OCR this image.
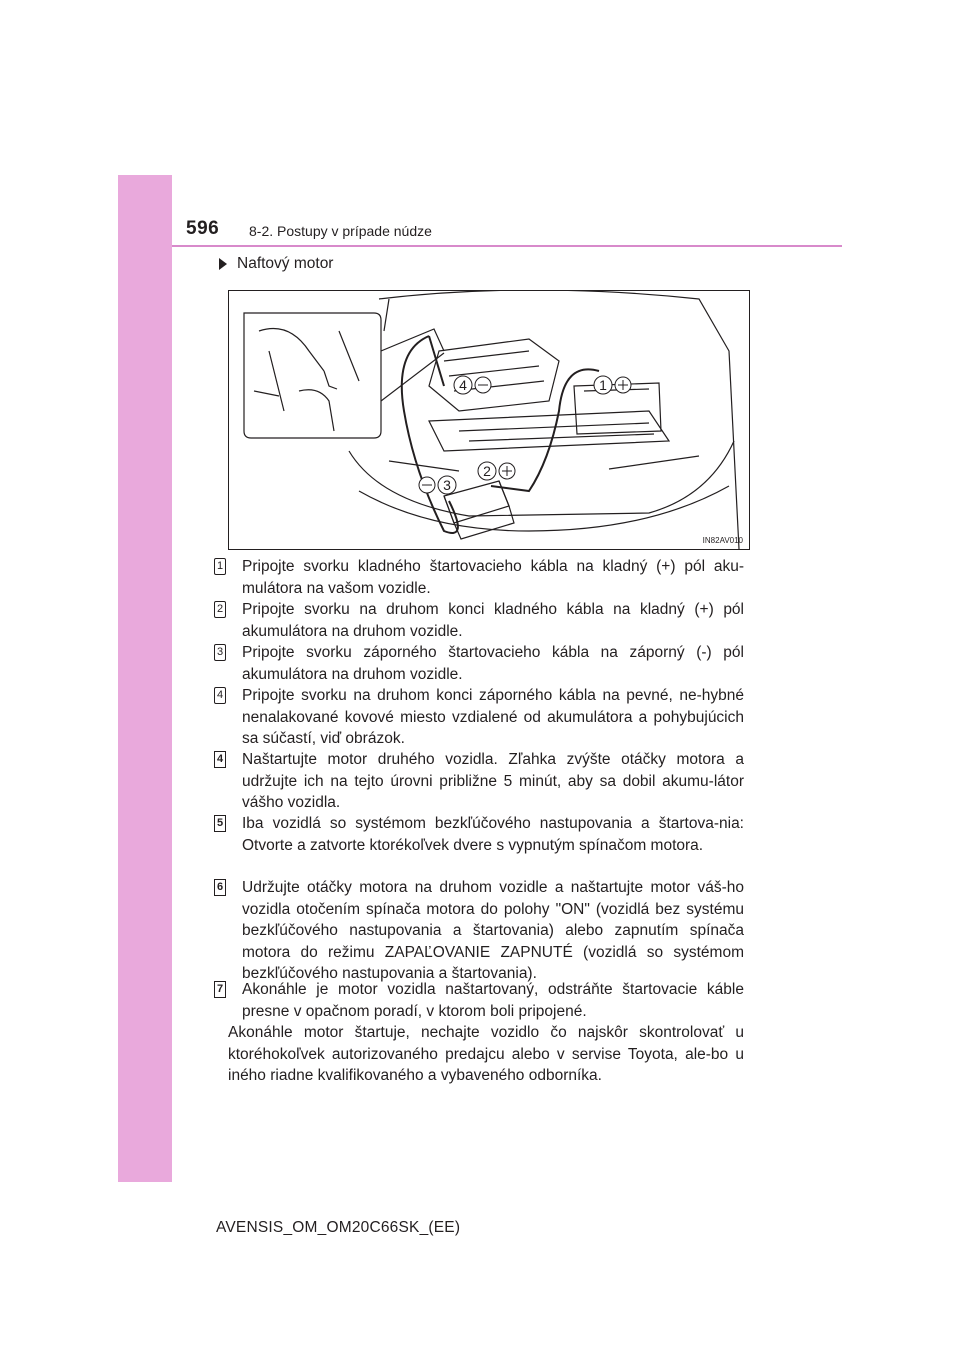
596 8-2. Postupy v prípade núdze
Naftový motor
4	1
2
3
IN82AV010
1 Pripojte svorku kladného štartovacieho kábla na kladný (+) pól aku-mulátora na vašom vozidle.
2 Pripojte svorku na druhom konci kladného kábla na kladný (+) pól akumulátora na druhom vozidle.
3 Pripojte svorku záporného štartovacieho kábla na záporný (-) pól akumulátora na druhom vozidle.
4 Pripojte svorku na druhom konci záporného kábla na pevné, ne-hybné nenalakované kovové miesto vzdialené od akumulátora a pohybujúcich sa súčastí, viď obrázok.
4 Naštartujte motor druhého vozidla. Zľahka zvýšte otáčky motora a udržujte ich na tejto úrovni približne 5 minút, aby sa dobil akumu-látor vášho vozidla.
5 Iba vozidlá so systémom bezkľúčového nastupovania a štartova-nia: Otvorte a zatvorte ktorékoľvek dvere s vypnutým spínačom motora.
6 Udržujte otáčky motora na druhom vozidle a naštartujte motor váš-ho vozidla otočením spínača motora do polohy "ON" (vozidlá bez systému bezkľúčového nastupovania a štartovania) alebo zapnutím spínača motora do režimu ZAPAĽOVANIE ZAPNUTÉ (vozidlá so systémom bezkľúčového nastupovania a štartovania).
7 Akonáhle je motor vozidla naštartovaný, odstráňte štartovacie káble presne v opačnom poradí, v ktorom boli pripojené.
Akonáhle motor štartuje, nechajte vozidlo čo najskôr skontrolovať u ktoréhokoľvek autorizovaného predajcu alebo v servise Toyota, ale-bo u iného riadne kvalifikovaného a vybaveného odborníka.
AVENSIS_OM_OM20C66SK_(EE)
